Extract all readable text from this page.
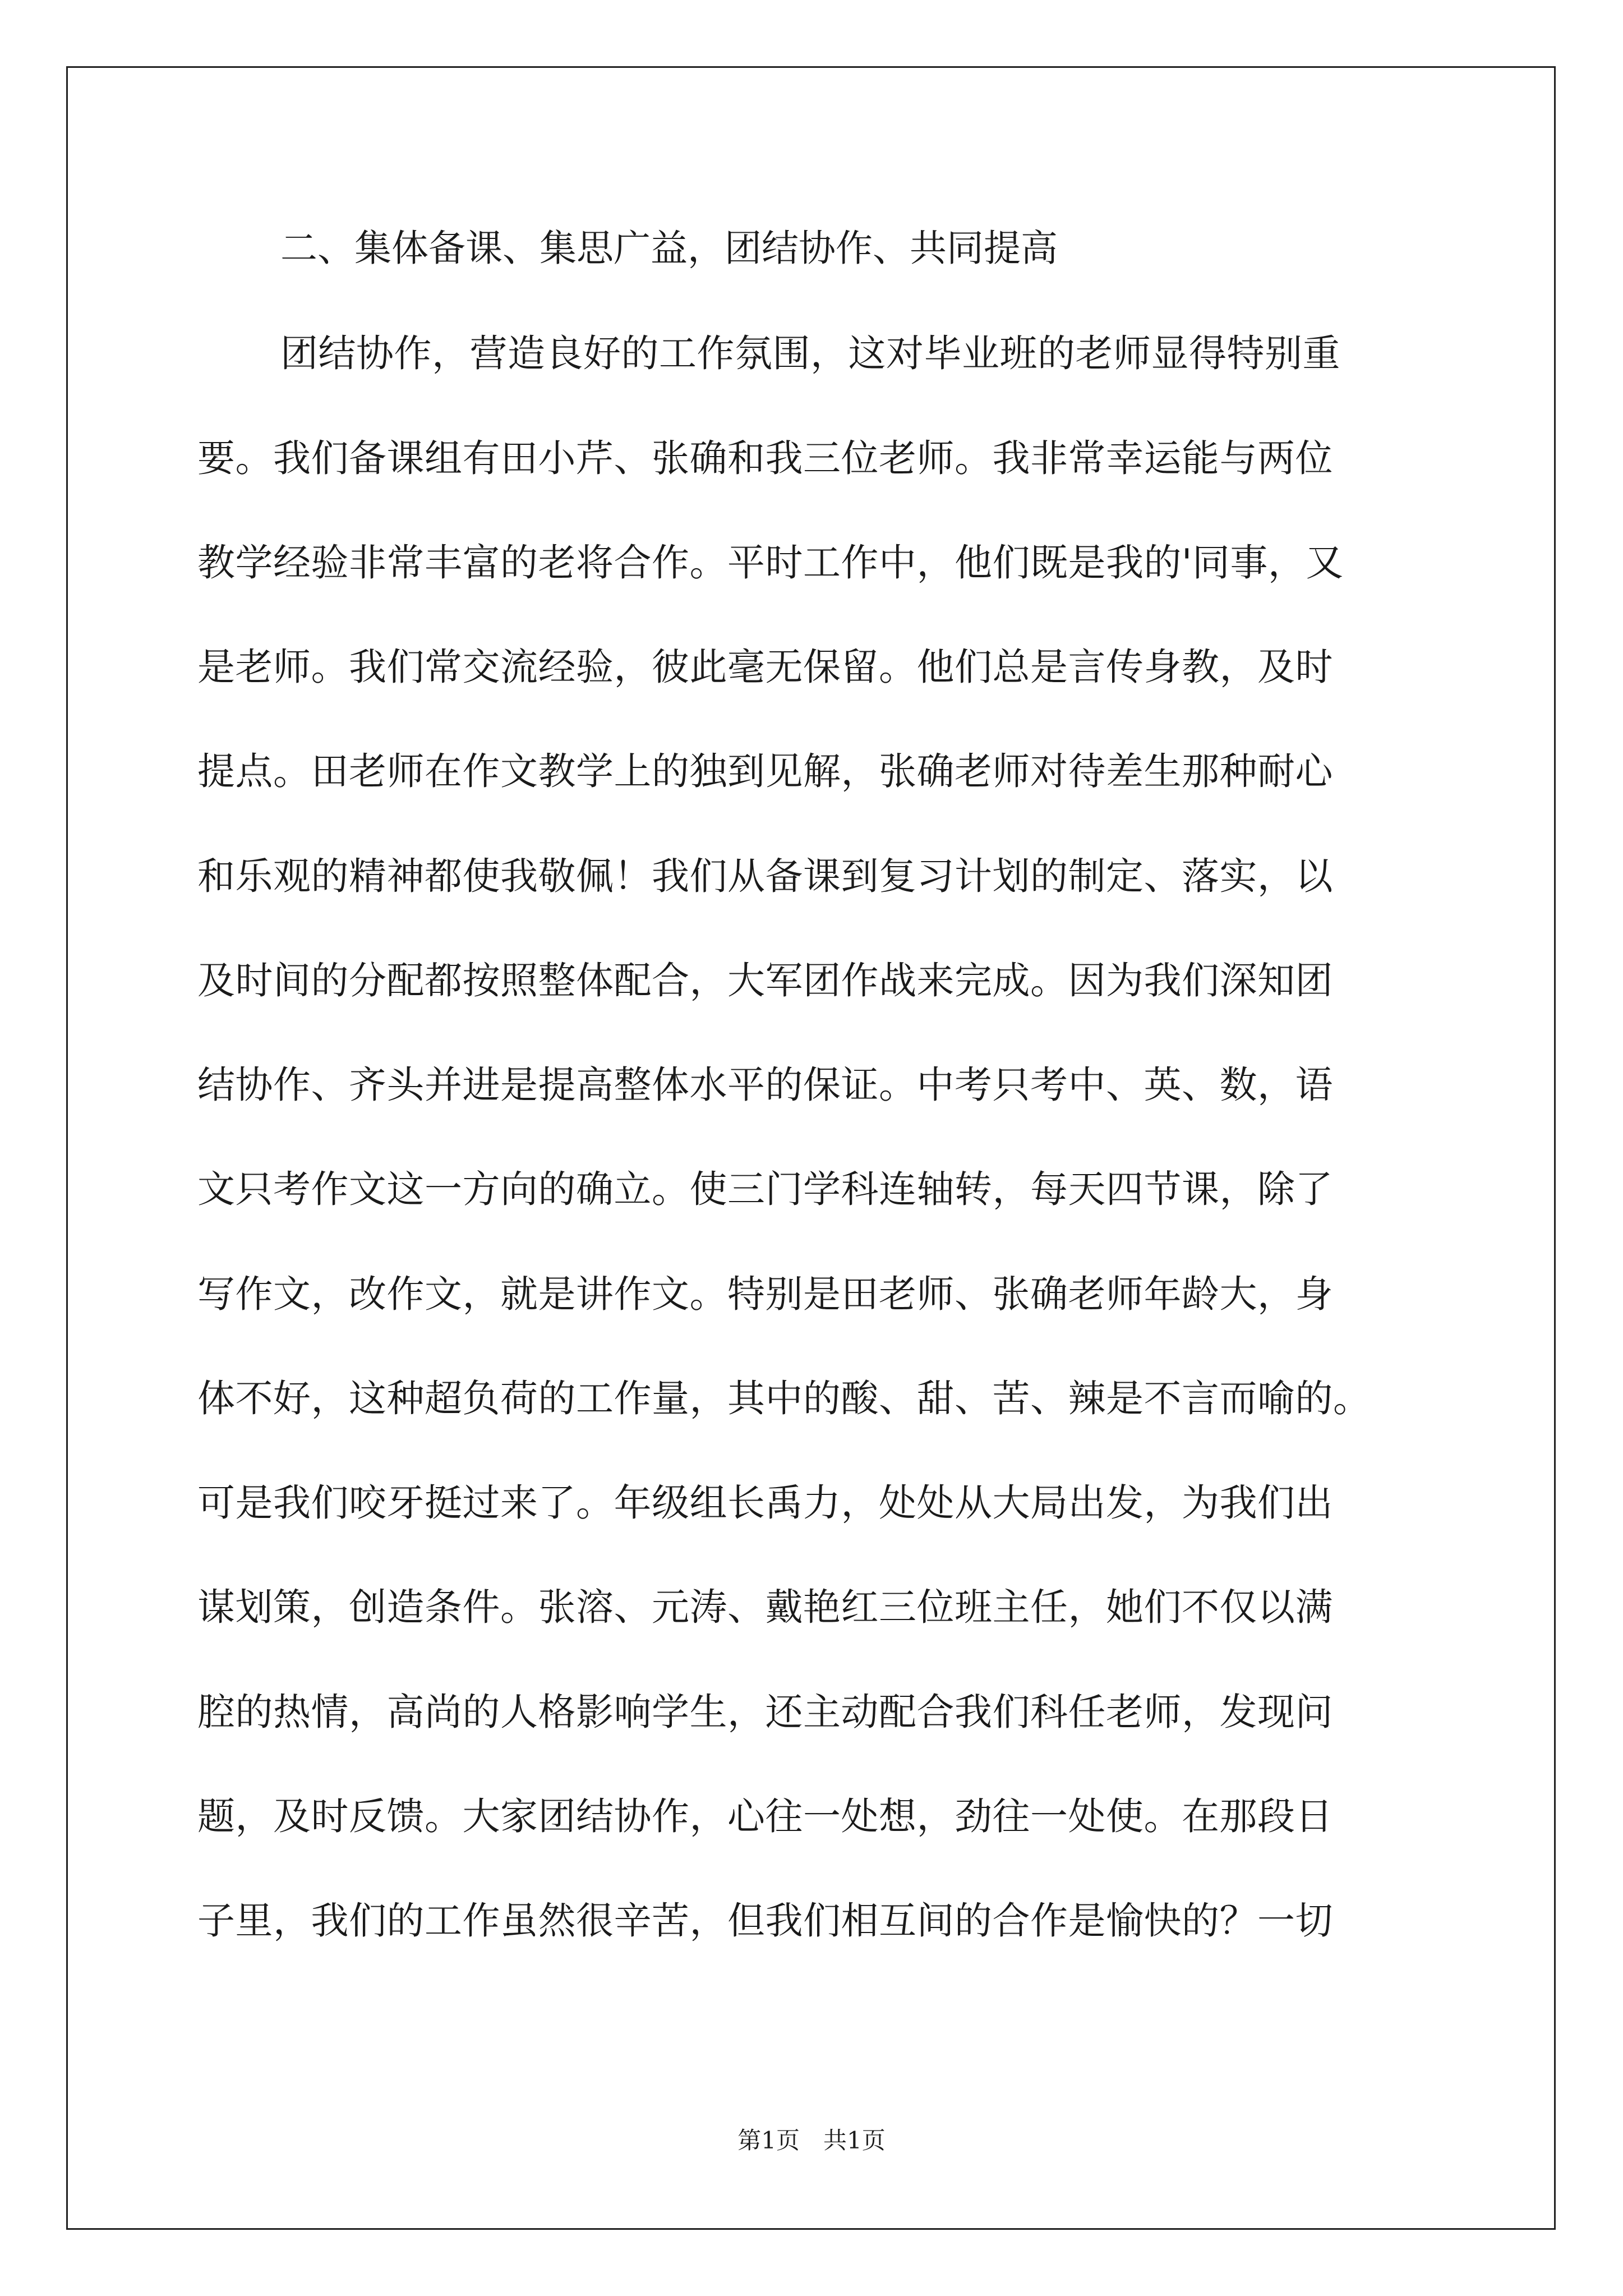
二、集体备课、集思广益，团结协作、共同提高
团结协作，营造良好的工作氛围，这对毕业班的老师显得特别重
要。我们备课组有田小芹、张确和我三位老师。我非常幸运能与两位
教学经验非常丰富的老将合作。平时工作中，他们既是我的'同事，又
是老师。我们常交流经验，彼此毫无保留。他们总是言传身教，及时
提点。田老师在作文教学上的独到见解，张确老师对待差生那种耐心
和乐观的精神都使我敬佩！我们从备课到复习计划的制定、落实，以
及时间的分配都按照整体配合，大军团作战来完成。因为我们深知团
结协作、齐头并进是提高整体水平的保证。中考只考中、英、数，语
文只考作文这一方向的确立。使三门学科连轴转，每天四节课，除了
写作文，改作文，就是讲作文。特别是田老师、张确老师年龄大，身
体不好，这种超负荷的工作量，其中的酸、甜、苦、辣是不言而喻的。
可是我们咬牙挺过来了。年级组长禹力，处处从大局出发，为我们出
谋划策，创造条件。张溶、元涛、戴艳红三位班主任，她们不仅以满
腔的热情，高尚的人格影响学生，还主动配合我们科任老师，发现问
题，及时反馈。大家团结协作，心往一处想，劲往一处使。在那段日
子里，我们的工作虽然很辛苦，但我们相互间的合作是愉快的？一切
第1页　共1页
